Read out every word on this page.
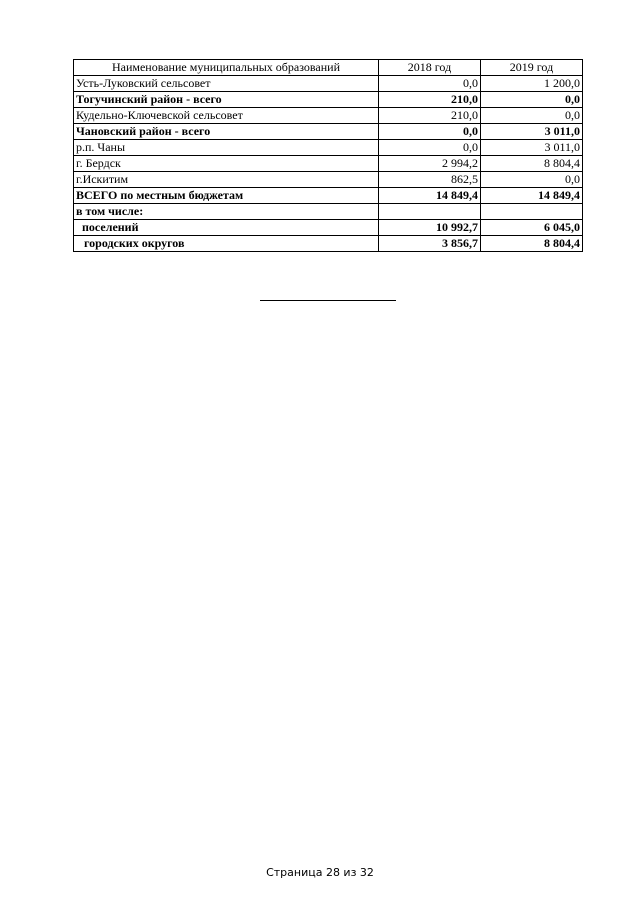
Наименование муниципальных образований	2018 год	2019 год
Усть-Луковский сельсовет	0,0	1 200,0
Тогучинский район - всего	210,0	0,0
Кудельно-Ключевской сельсовет	210,0	0,0
Чановский район - всего	0,0	3 011,0
р.п. Чаны	0,0	3 011,0
г. Бердск	2 994,2	8 804,4
г.Искитим	862,5	0,0
ВСЕГО по местным бюджетам	14 849,4	14 849,4
в том числе:		
поселений	10 992,7	6 045,0
городских округов	3 856,7	8 804,4
Страница 28 из 32
